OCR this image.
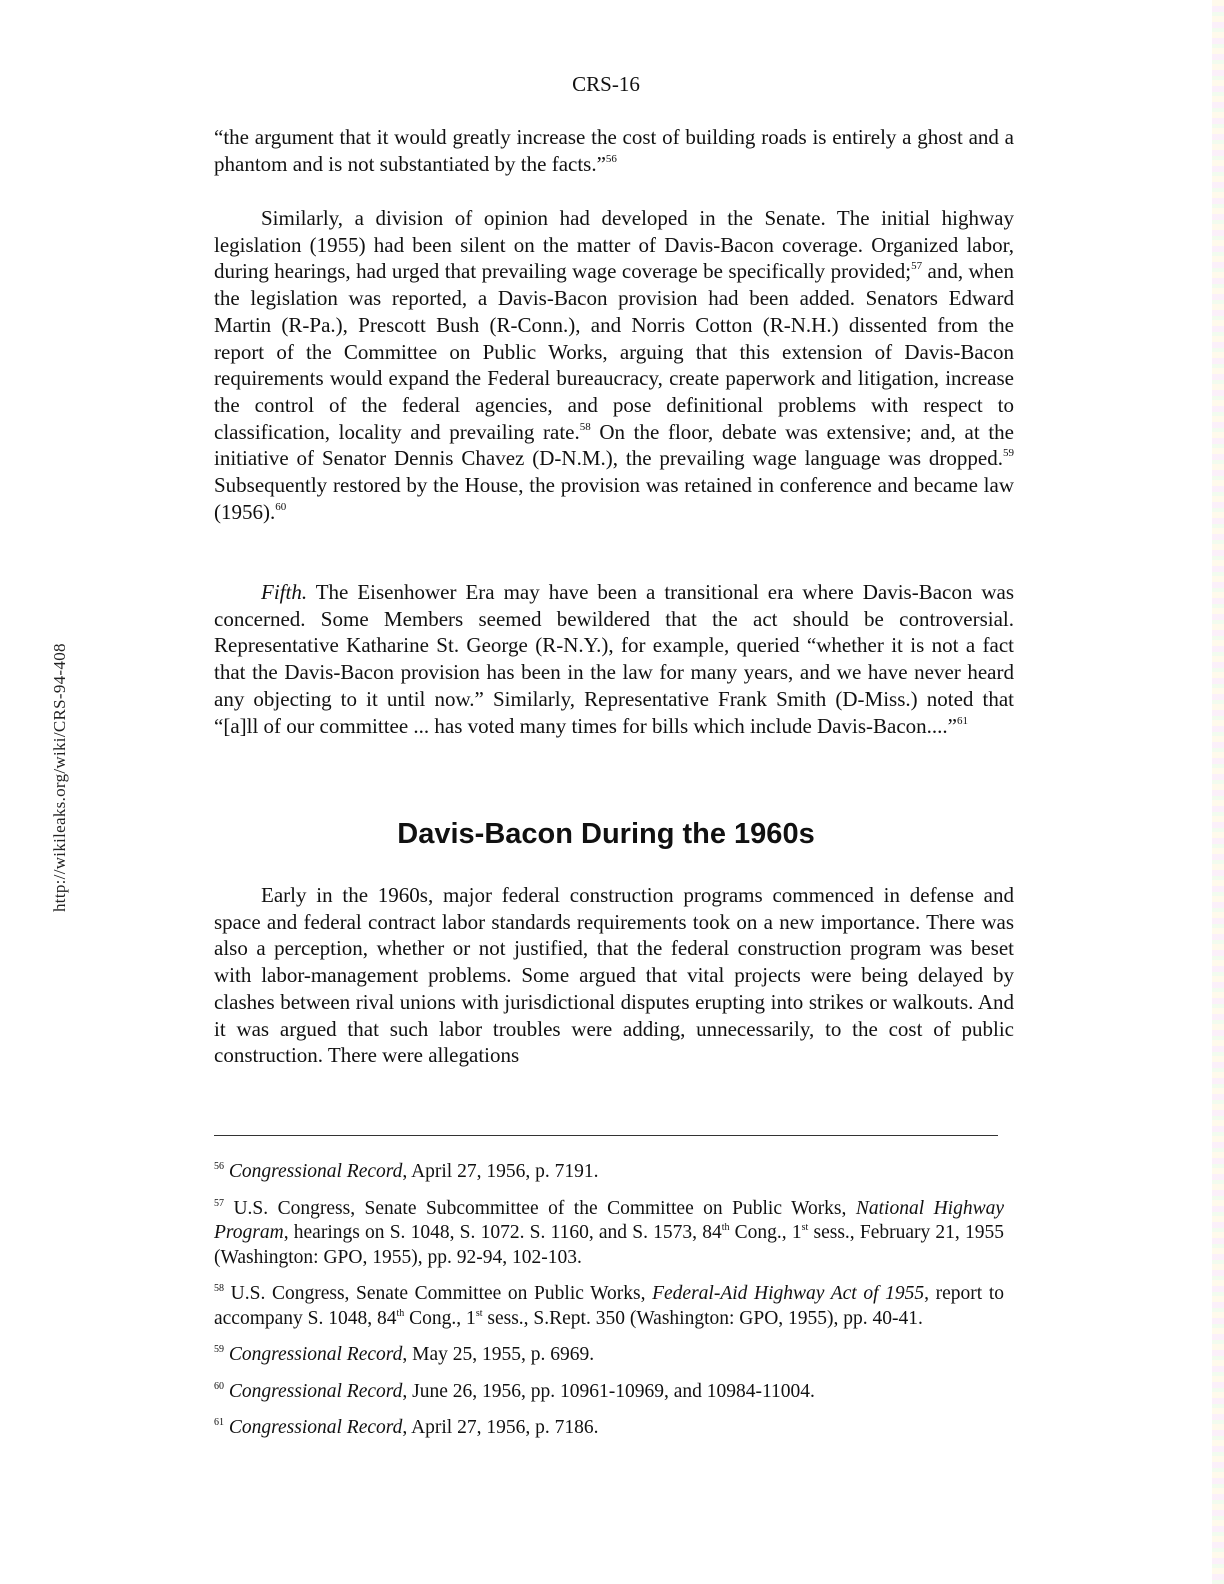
http://wikileaks.org/wiki/CRS-94-408
CRS-16

“the argument that it would greatly increase the cost of building roads is entirely a ghost and a phantom and is not substantiated by the facts.”$^{56}$

Similarly, a division of opinion had developed in the Senate. The initial highway legislation (1955) had been silent on the matter of Davis-Bacon coverage. Organized labor, during hearings, had urged that prevailing wage coverage be specifically provided;$^{57}$ and, when the legislation was reported, a Davis-Bacon provision had been added. Senators Edward Martin (R-Pa.), Prescott Bush (R-Conn.), and Norris Cotton (R-N.H.) dissented from the report of the Committee on Public Works, arguing that this extension of Davis-Bacon requirements would expand the Federal bureaucracy, create paperwork and litigation, increase the control of the federal agencies, and pose definitional problems with respect to classification, locality and prevailing rate.$^{58}$ On the floor, debate was extensive; and, at the initiative of Senator Dennis Chavez (D-N.M.), the prevailing wage language was dropped.$^{59}$ Subsequently restored by the House, the provision was retained in conference and became law (1956).$^{60}$

Fifth. The Eisenhower Era may have been a transitional era where Davis-Bacon was concerned. Some Members seemed bewildered that the act should be controversial. Representative Katharine St. George (R-N.Y.), for example, queried “whether it is not a fact that the Davis-Bacon provision has been in the law for many years, and we have never heard any objecting to it until now.” Similarly, Representative Frank Smith (D-Miss.) noted that “[a]ll of our committee ... has voted many times for bills which include Davis-Bacon....”$^{61}$

Davis-Bacon During the 1960s

Early in the 1960s, major federal construction programs commenced in defense and space and federal contract labor standards requirements took on a new importance. There was also a perception, whether or not justified, that the federal construction program was beset with labor-management problems. Some argued that vital projects were being delayed by clashes between rival unions with jurisdictional disputes erupting into strikes or walkouts. And it was argued that such labor troubles were adding, unnecessarily, to the cost of public construction. There were allegations

$^{56}$ Congressional Record, April 27, 1956, p. 7191.

$^{57}$ U.S. Congress, Senate Subcommittee of the Committee on Public Works, National Highway Program, hearings on S. 1048, S. 1072. S. 1160, and S. 1573, 84th Cong., 1st sess., February 21, 1955 (Washington: GPO, 1955), pp. 92-94, 102-103.

$^{58}$ U.S. Congress, Senate Committee on Public Works, Federal-Aid Highway Act of 1955, report to accompany S. 1048, 84th Cong., 1st sess., S.Rept. 350 (Washington: GPO, 1955), pp. 40-41.

$^{59}$ Congressional Record, May 25, 1955, p. 6969.

$^{60}$ Congressional Record, June 26, 1956, pp. 10961-10969, and 10984-11004.

$^{61}$ Congressional Record, April 27, 1956, p. 7186.
